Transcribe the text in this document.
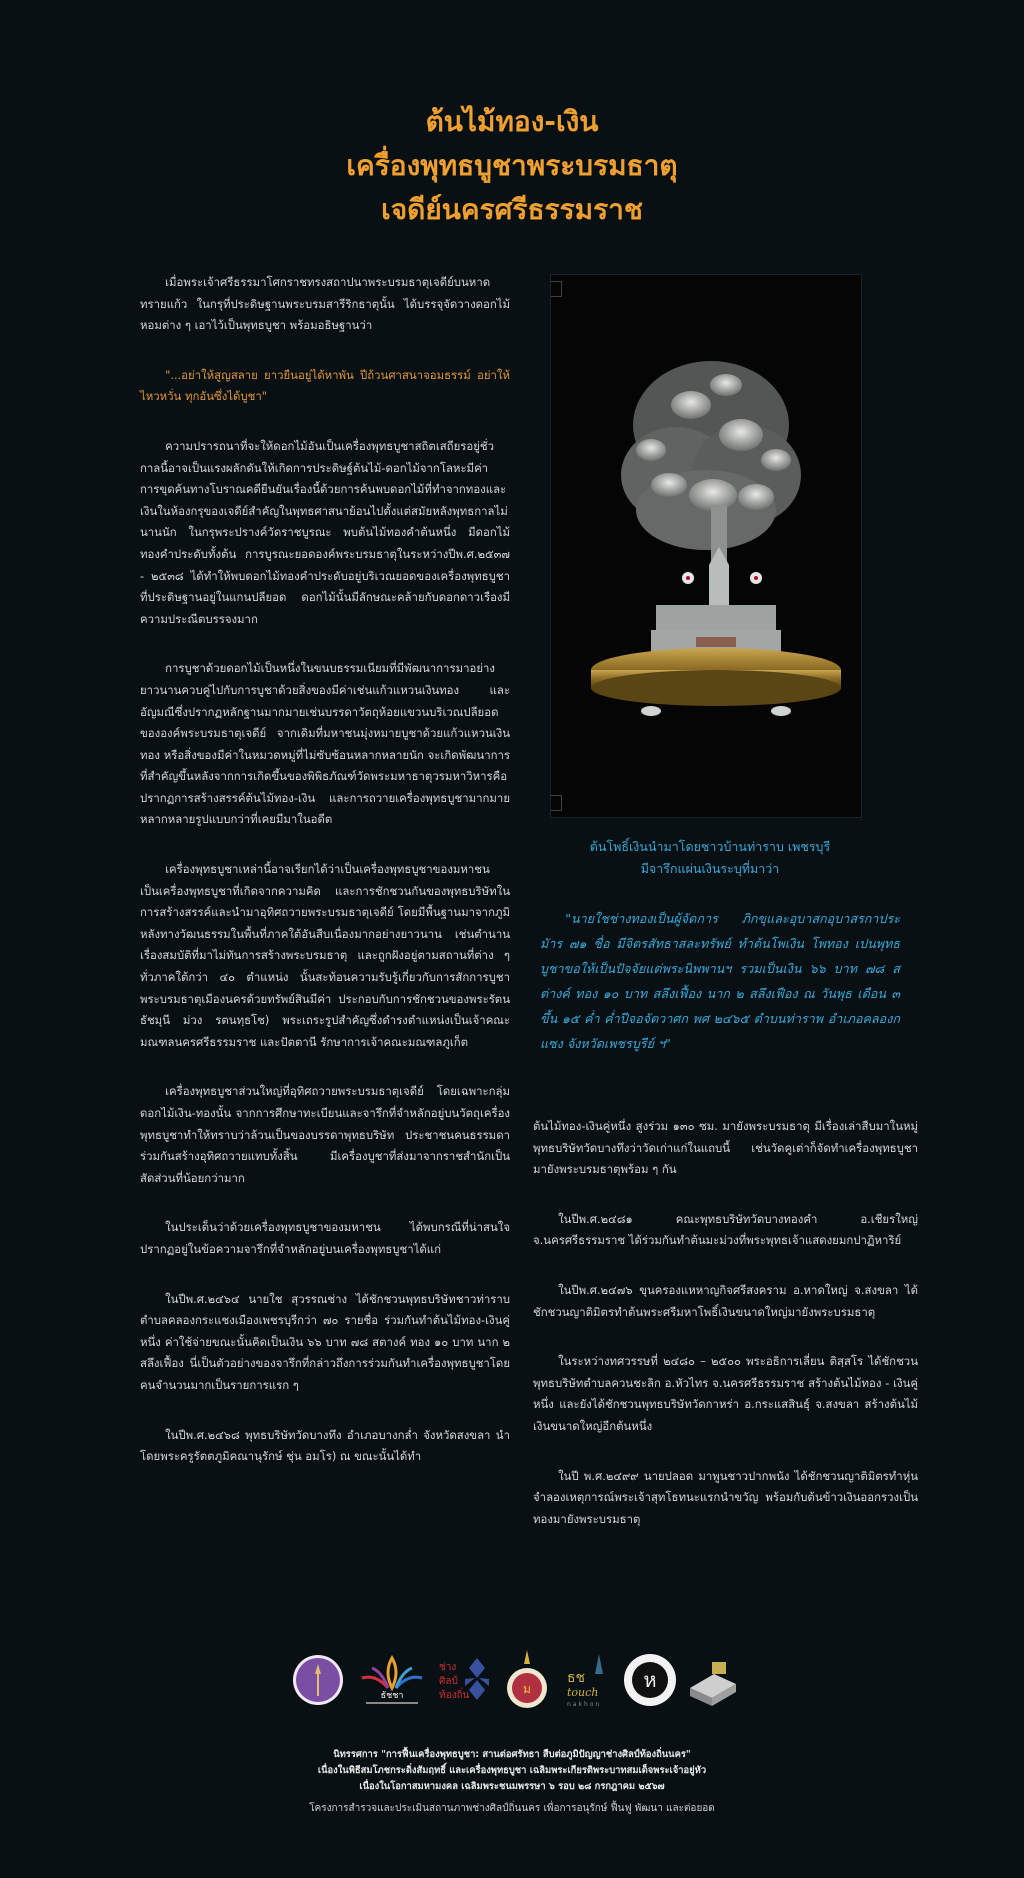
ต้นไม้ทอง-เงิน
เครื่องพุทธบูชาพระบรมธาตุ
เจดีย์นครศรีธรรมราช

เมื่อพระเจ้าศรีธรรมาโศกราชทรงสถาปนาพระบรมธาตุเจดีย์บนหาดทรายแก้ว ในกรุที่ประดิษฐานพระบรมสารีริกธาตุนั้น ได้บรรจุจัดวางดอกไม้หอมต่าง ๆ เอาไว้เป็นพุทธบูชา พร้อมอธิษฐานว่า

"...อย่าให้สูญสลาย ยาวยืนอยู่ได้หาพัน ปีถ้วนศาสนาจอมธรรม์ อย่าให้ไหวหวั่น ทุกอันซึ่งได้บูชา"

ความปรารถนาที่จะให้ดอกไม้อันเป็นเครื่องพุทธบูชาสถิตเสถียรอยู่ชั่วกาลนี้อาจเป็นแรงผลักดันให้เกิดการประดิษฐ์ต้นไม้-ดอกไม้จากโลหะมีค่า การขุดค้นทางโบราณคดียืนยันเรื่องนี้ด้วยการค้นพบดอกไม้ที่ทำจากทองและเงินในห้องกรุของเจดีย์สำคัญในพุทธศาสนาย้อนไปตั้งแต่สมัยหลังพุทธกาลไม่นานนัก ในกรุพระปรางค์วัดราชบูรณะ พบต้นไม้ทองคำต้นหนึ่ง มีดอกไม้ทองคำประดับทั้งต้น การบูรณะยอดองค์พระบรมธาตุในระหว่างปีพ.ศ.๒๕๓๗ - ๒๕๓๘ ได้ทำให้พบดอกไม้ทองคำประดับอยู่บริเวณยอดของเครื่องพุทธบูชาที่ประดิษฐานอยู่ในแกนปลียอด ดอกไม้นั้นมีลักษณะคล้ายกับดอกดาวเรืองมีความประณีตบรรจงมาก

การบูชาด้วยดอกไม้เป็นหนึ่งในขนบธรรมเนียมที่มีพัฒนาการมาอย่างยาวนานควบคู่ไปกับการบูชาด้วยสิ่งของมีค่าเช่นแก้วแหวนเงินทอง และอัญมณีซึ่งปรากฏหลักฐานมากมายเช่นบรรดาวัตถุห้อยแขวนบริเวณปลียอดขององค์พระบรมธาตุเจดีย์ จากเดิมที่มหาชนมุ่งหมายบูชาด้วยแก้วแหวนเงินทอง หรือสิ่งของมีค่าในหมวดหมู่ที่ไม่ซับซ้อนหลากหลายนัก จะเกิดพัฒนาการที่สำคัญขึ้นหลังจากการเกิดขึ้นของพิพิธภัณฑ์วัดพระมหาธาตุวรมหาวิหารคือ ปรากฏการสร้างสรรค์ต้นไม้ทอง-เงิน และการถวายเครื่องพุทธบูชามากมายหลากหลายรูปแบบกว่าที่เคยมีมาในอดีต

เครื่องพุทธบูชาเหล่านี้อาจเรียกได้ว่าเป็นเครื่องพุทธบูชาของมหาชน เป็นเครื่องพุทธบูชาที่เกิดจากความคิด และการชักชวนกันของพุทธบริษัทในการสร้างสรรค์และนำมาอุทิศถวายพระบรมธาตุเจดีย์ โดยมีพื้นฐานมาจากภูมิหลังทางวัฒนธรรมในพื้นที่ภาคใต้อันสืบเนื่องมากอย่างยาวนาน เช่นตำนานเรื่องสมบัติที่มาไม่ทันการสร้างพระบรมธาตุ และถูกฝังอยู่ตามสถานที่ต่าง ๆ ทั่วภาคใต้กว่า ๔๐ ตำแหน่ง นั้นสะท้อนความรับรู้เกี่ยวกับการสักการบูชาพระบรมธาตุเมืองนครด้วยทรัพย์สินมีค่า ประกอบกับการชักชวนของพระรัตนธัชมุนี ม่วง รตนทฺธโช) พระเถระรูปสำคัญซึ่งดำรงตำแหน่งเป็นเจ้าคณะมณฑลนครศรีธรรมราช และปัตตานี รักษาการเจ้าคณะมณฑลภูเก็ต

เครื่องพุทธบูชาส่วนใหญ่ที่อุทิศถวายพระบรมธาตุเจดีย์ โดยเฉพาะกลุ่มดอกไม้เงิน-ทองนั้น จากการศึกษาทะเบียนและจารึกที่จำหลักอยู่บนวัตถุเครื่องพุทธบูชาทำให้ทราบว่าล้วนเป็นของบรรดาพุทธบริษัท ประชาชนคนธรรมดา ร่วมกันสร้างอุทิศถวายแทบทั้งสิ้น มีเครื่องบูชาที่ส่งมาจากราชสำนักเป็นสัดส่วนที่น้อยกว่ามาก

ในประเด็นว่าด้วยเครื่องพุทธบูชาของมหาชน ได้พบกรณีที่น่าสนใจปรากฏอยู่ในข้อความจารึกที่จำหลักอยู่บนเครื่องพุทธบูชาได้แก่

ในปีพ.ศ.๒๔๖๔ นายใช สุวรรณช่าง ได้ชักชวนพุทธบริษัทชาวท่าราบ ตำบลคลองกระแชงเมืองเพชรบุรีกว่า ๗๐ รายชื่อ ร่วมกันทำต้นไม้ทอง-เงินคู่หนึ่ง ค่าใช้จ่ายขณะนั้นคิดเป็นเงิน ๖๖ บาท ๗๘ สตางค์ ทอง ๑๐ บาท นาก ๒ สลึงเฟื้อง นี่เป็นตัวอย่างของจารึกที่กล่าวถึงการร่วมกันทำเครื่องพุทธบูชาโดยคนจำนวนมากเป็นรายการแรก ๆ

ในปีพ.ศ.๒๔๖๘ พุทธบริษัทวัดบางทึง อำเภอบางกล่ำ จังหวัดสงขลา นำโดยพระครูรัตตภูมิคณานุรักษ์ ชุ่น อมโร) ณ ขณะนั้นได้ทำ

ต้นโพธิ์เงินนำมาโดยชาวบ้านท่าราบ เพชรบุรี
มีจารึกแผ่นเงินระบุที่มาว่า
"นายใชช่างทองเป็นผู้จัดการ ภิกขุและอุบาสกอุบาสรกาประมัาร ๗๑ ชื่อ มีจิตรสัทธาสละทรัพย์ ทำต้นโพเงิน โพทอง เปนพุทธบูชาขอให้เป็นปัจจัยแต่พระนิพพานฯ รวมเป็นเงิน ๖๖ บาท ๗๘ สต่างค์ ทอง ๑๐ บาท สลึงเฟื้อง นาก ๒ สลึงเฟือง ณ วันพุธ เดือน ๓ ขึ้น ๑๕ ค่ำ ค่ำปีจอจัตวาศก พศ ๒๔๖๕ ตำบนท่าราพ อำเภอคลองกแซง จังหวัดเพชรบูรีย์ ฯ"

ต้นไม้ทอง-เงินคู่หนึ่ง สูงร่วม ๑๓๐ ซม. มายังพระบรมธาตุ มีเรื่องเล่าสืบมาในหมู่พุทธบริษัทวัดบางทึงว่าวัดเก่าแก่ในแถบนี้ เช่นวัดคูเต่าก็จัดทำเครื่องพุทธบูชามายังพระบรมธาตุพร้อม ๆ กัน

ในปีพ.ศ.๒๔๘๑ คณะพุทธบริษัทวัดบางทองคำ อ.เชียรใหญ่ จ.นครศรีธรรมราช ได้ร่วมกันทำต้นมะม่วงที่พระพุทธเจ้าแสดงยมกปาฏิหาริย์

ในปีพ.ศ.๒๔๗๖ ขุนครองแหหาญกิจศรีสงคราม อ.หาดใหญ่ จ.สงขลา ได้ชักชวนญาติมิตรทำต้นพระศรีมหาโพธิ์เงินขนาดใหญ่มายังพระบรมธาตุ

ในระหว่างทศวรรษที่ ๒๔๘๐ – ๒๕๐๐ พระอธิการเลี่ยน ติสฺสโร ได้ชักชวนพุทธบริษัทตำบลควนชะลิก อ.หัวไทร จ.นครศรีธรรมราช สร้างต้นไม้ทอง - เงินคู่หนึ่ง และยังได้ชักชวนพุทธบริษัทวัดกาหร่า อ.กระแสสินธุ์ จ.สงขลา สร้างต้นไม้เงินขนาดใหญ่อีกต้นหนึ่ง

ในปี พ.ศ.๒๔๙๙ นายปลอด มาพูนชาวปากพนัง ได้ชักชวนญาติมิตรทำหุ่นจำลองเหตุการณ์พระเจ้าสุทโธทนะแรกนำขวัญ พร้อมกับต้นข้าวเงินออกรวงเป็นทองมายังพระบรมธาตุ

ธัชชา
ช่าง
ศิลป์
ท้องถิ่น	ม
ธช
touch
nakhon
ห
นิทรรศการ "การฟื้นเครื่องพุทธบูชา: สานต่อศรัทธา สืบต่อภูมิปัญญาช่างศิลป์ท้องถิ่นนคร"
เนื่องในพิธีสมโภชกระดิ่งสัมฤทธิ์ และเครื่องพุทธบูชา เฉลิมพระเกียรติพระบาทสมเด็จพระเจ้าอยู่หัว
เนื่องในโอกาสมหามงคล เฉลิมพระชนมพรรษา ๖ รอบ ๒๘ กรกฎาคม ๒๕๖๗
โครงการสำรวจและประเมินสถานภาพช่างศิลป์ถิ่นนคร เพื่อการอนุรักษ์ ฟื้นฟู พัฒนา และต่อยอด
